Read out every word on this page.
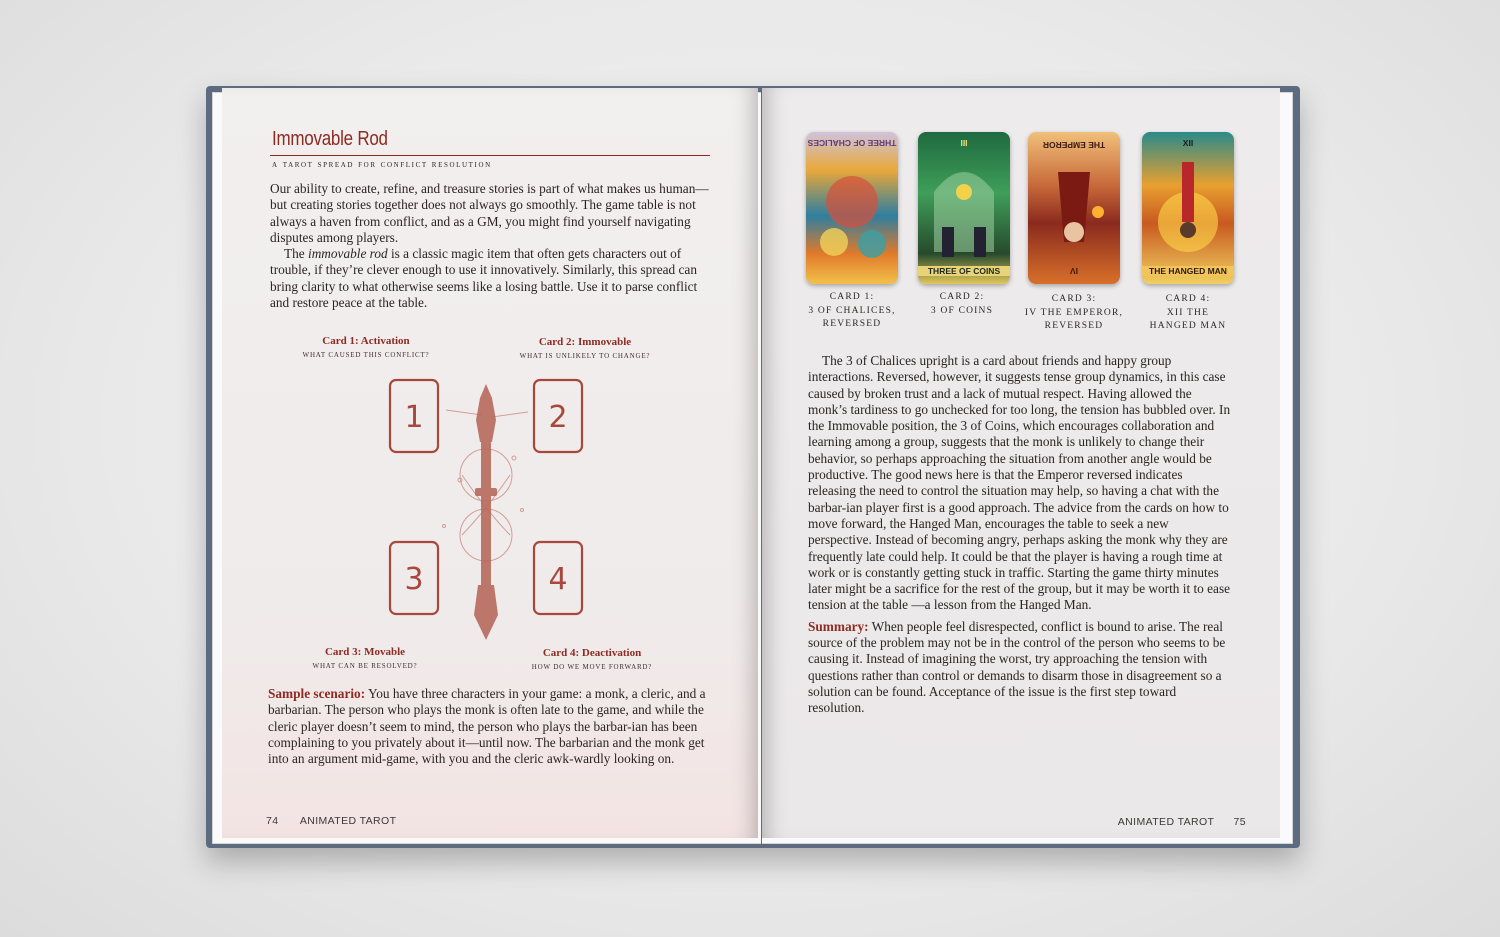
Immovable Rod
a tarot spread for conflict resolution

Our ability to create, refine, and treasure stories is part of what makes us human—but creating stories together does not always go smoothly. The game table is not always a haven from conflict, and as a GM, you might find yourself navigating disputes among players.

The immovable rod is a classic magic item that often gets characters out of trouble, if they’re clever enough to use it innovatively. Similarly, this spread can bring clarity to what otherwise seems like a losing battle. Use it to parse conflict and restore peace at the table.

Card 1: Activation
WHAT CAUSED THIS CONFLICT?
Card 2: Immovable
WHAT IS UNLIKELY TO CHANGE?
1	2
3	4
Card 3: Movable
WHAT CAN BE RESOLVED?
Card 4: Deactivation
HOW DO WE MOVE FORWARD?

Sample scenario: You have three characters in your game: a monk, a cleric, and a barbarian. The person who plays the monk is often late to the game, and while the cleric player doesn’t seem to mind, the person who plays the barbar-ian has been complaining to you privately about it—until now. The barbarian and the monk get into an argument mid-game, with you and the cleric awk-wardly looking on.

74 ANIMATED TAROT
THREE OF CHALICES	III
THREE OF COINS
THE EMPEROR
IV
XII
THE HANGED MAN
CARD 1:
3 OF CHALICES,
REVERSED
CARD 2:
3 OF COINS
CARD 3:
IV THE EMPEROR,
REVERSED
CARD 4:
XII THE
HANGED MAN

The 3 of Chalices upright is a card about friends and happy group interactions. Reversed, however, it suggests tense group dynamics, in this case caused by broken trust and a lack of mutual respect. Having allowed the monk’s tardiness to go unchecked for too long, the tension has bubbled over. In the Immovable position, the 3 of Coins, which encourages collaboration and learning among a group, suggests that the monk is unlikely to change their behavior, so perhaps approaching the situation from another angle would be productive. The good news here is that the Emperor reversed indicates releasing the need to control the situation may help, so having a chat with the barbar-ian player first is a good approach. The advice from the cards on how to move forward, the Hanged Man, encourages the table to seek a new perspective. Instead of becoming angry, perhaps asking the monk why they are frequently late could help. It could be that the player is having a rough time at work or is constantly getting stuck in traffic. Starting the game thirty minutes later might be a sacrifice for the rest of the group, but it may be worth it to ease tension at the table —a lesson from the Hanged Man.

Summary: When people feel disrespected, conflict is bound to arise. The real source of the problem may not be in the control of the person who seems to be causing it. Instead of imagining the worst, try approaching the tension with questions rather than control or demands to disarm those in disagreement so a solution can be found. Acceptance of the issue is the first step toward resolution.

ANIMATED TAROT 75
